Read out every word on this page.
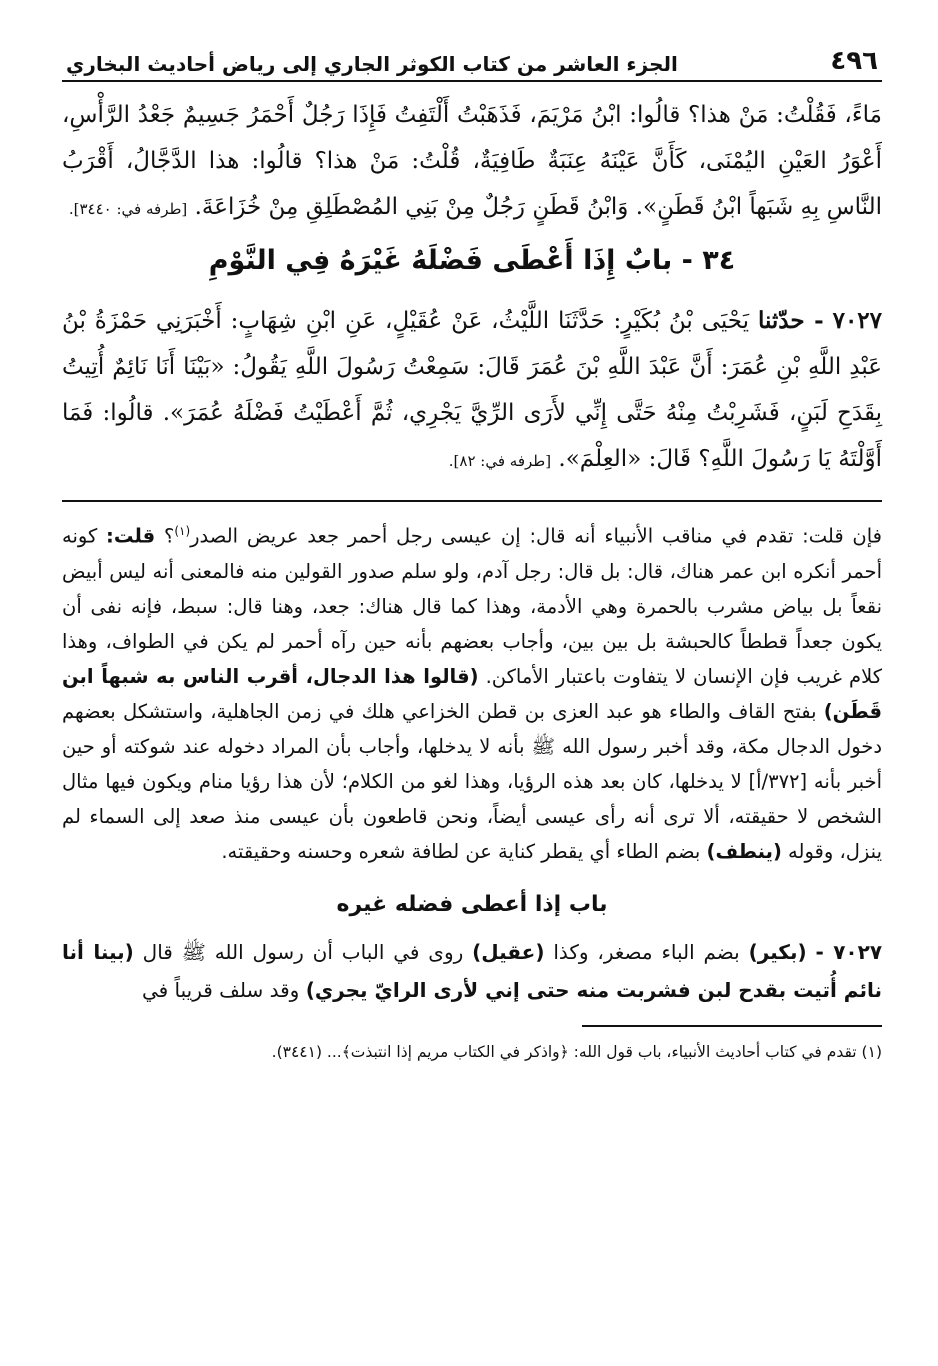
٤٩٦
الجزء العاشر من كتاب الكوثر الجاري إلى رياض أحاديث البخاري

مَاءً، فَقُلْتُ: مَنْ هذا؟ قالُوا: ابْنُ مَرْيَمَ، فَذَهَبْتُ أَلْتَفِتُ فَإِذَا رَجُلٌ أَحْمَرُ جَسِيمٌ جَعْدُ الرَّأْسِ، أَعْوَرُ العَيْنِ اليُمْنَى، كَأَنَّ عَيْنَهُ عِنَبَةٌ طَافِيَةٌ، قُلْتُ: مَنْ هذا؟ قالُوا: هذا الدَّجَّالُ، أَقْرَبُ النَّاسِ بِهِ شَبَهاً ابْنُ قَطَنٍ». وَابْنُ قَطَنٍ رَجُلٌ مِنْ بَنِي المُصْطَلِقِ مِنْ خُزَاعَةَ. [طرفه في: ٣٤٤٠].

٣٤ - بابٌ إِذَا أَعْطَى فَضْلَهُ غَيْرَهُ فِي النَّوْمِ

٧٠٢٧ - حدّثنا يَحْيَى بْنُ بُكَيْرٍ: حَدَّثَنَا اللَّيْثُ، عَنْ عُقَيْلٍ، عَنِ ابْنِ شِهَابٍ: أَخْبَرَنِي حَمْزَةُ بْنُ عَبْدِ اللَّهِ بْنِ عُمَرَ: أَنَّ عَبْدَ اللَّهِ بْنَ عُمَرَ قَالَ: سَمِعْتُ رَسُولَ اللَّهِ يَقُولُ: «بَيْنَا أَنَا نَائِمٌ أُتِيتُ بِقَدَحِ لَبَنٍ، فَشَرِبْتُ مِنْهُ حَتَّى إِنِّي لأَرَى الرِّيَّ يَجْرِي، ثُمَّ أَعْطَيْتُ فَضْلَهُ عُمَرَ». قالُوا: فَمَا أَوَّلْتَهُ يَا رَسُولَ اللَّهِ؟ قَالَ: «العِلْمَ». [طرفه في: ٨٢].

فإن قلت: تقدم في مناقب الأنبياء أنه قال: إن عيسى رجل أحمر جعد عريض الصدر$^{(١)}$؟ قلت: كونه أحمر أنكره ابن عمر هناك، قال: بل قال: رجل آدم، ولو سلم صدور القولين منه فالمعنى أنه ليس أبيض نقعاً بل بياض مشرب بالحمرة وهي الأدمة، وهذا كما قال هناك: جعد، وهنا قال: سبط، فإنه نفى أن يكون جعداً قططاً كالحبشة بل بين بين، وأجاب بعضهم بأنه حين رآه أحمر لم يكن في الطواف، وهذا كلام غريب فإن الإنسان لا يتفاوت باعتبار الأماكن. (قالوا هذا الدجال، أقرب الناس به شبهاً ابن قَطَن) بفتح القاف والطاء هو عبد العزى بن قطن الخزاعي هلك في زمن الجاهلية، واستشكل بعضهم دخول الدجال مكة، وقد أخبر رسول الله ﷺ بأنه لا يدخلها، وأجاب بأن المراد دخوله عند شوكته أو حين أخبر بأنه [٣٧٢/أ] لا يدخلها، كان بعد هذه الرؤيا، وهذا لغو من الكلام؛ لأن هذا رؤيا منام ويكون فيها مثال الشخص لا حقيقته، ألا ترى أنه رأى عيسى أيضاً، ونحن قاطعون بأن عيسى منذ صعد إلى السماء لم ينزل، وقوله (ينطف) بضم الطاء أي يقطر كناية عن لطافة شعره وحسنه وحقيقته.

باب إذا أعطى فضله غيره

٧٠٢٧ - (بكير) بضم الباء مصغر، وكذا (عقيل) روى في الباب أن رسول الله ﷺ قال (بينا أنا نائم أُتيت بقدح لبن فشربت منه حتى إني لأرى الرايّ يجري) وقد سلف قريباً في

(١) تقدم في كتاب أحاديث الأنبياء، باب قول الله: ﴿واذكر في الكتاب مريم إذا انتبذت﴾... (٣٤٤١).
